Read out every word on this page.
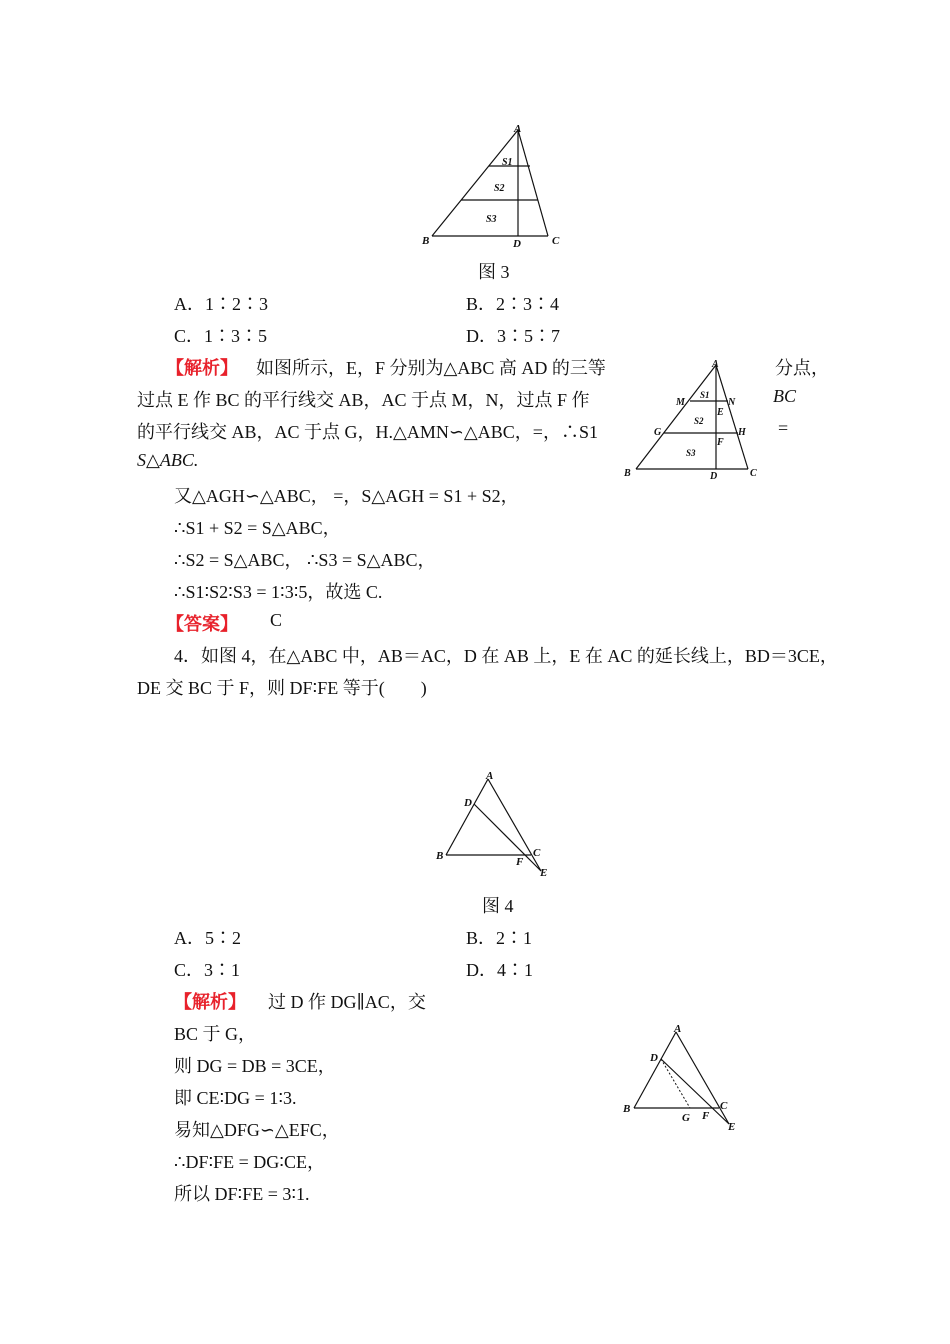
A
B	C
D
S1
S2
S3
图 3
A．1∶2∶3	B．2∶3∶4
C．1∶3∶5	D．3∶5∶7
【解析】 如图所示，E，F 分别为△ABC 高 AD 的三等	分点，
过点 E 作 BC 的平行线交 AB，AC 于点 M，N，过点 F 作	BC
的平行线交 AB，AC 于点 G，H.△AMN∽△ABC，=，∴S1	=
S△ABC.
又△AGH∽△ABC， =，S△AGH = S1 + S2，
∴S1 + S2 = S△ABC，
∴S2 = S△ABC， ∴S3 = S△ABC，
∴S1∶S2∶S3 = 1∶3∶5，故选 C.
A
B	C
D
M	N
G	H
E
F
S1
S2
S3
【答案】 C
4．如图 4，在△ABC 中，AB＝AC，D 在 AB 上，E 在 AC 的延长线上，BD＝3CE，
DE 交 BC 于 F，则 DF∶FE 等于(　　)
A
D
B	C
F
E
图 4
A．5∶2	B．2∶1
C．3∶1	D．4∶1
【解析】 过 D 作 DG∥AC，交
BC 于 G，
则 DG = DB = 3CE，
即 CE∶DG = 1∶3.
易知△DFG∽△EFC，
∴DF∶FE = DG∶CE，
所以 DF∶FE = 3∶1.
A
D
B	C
G F
E
